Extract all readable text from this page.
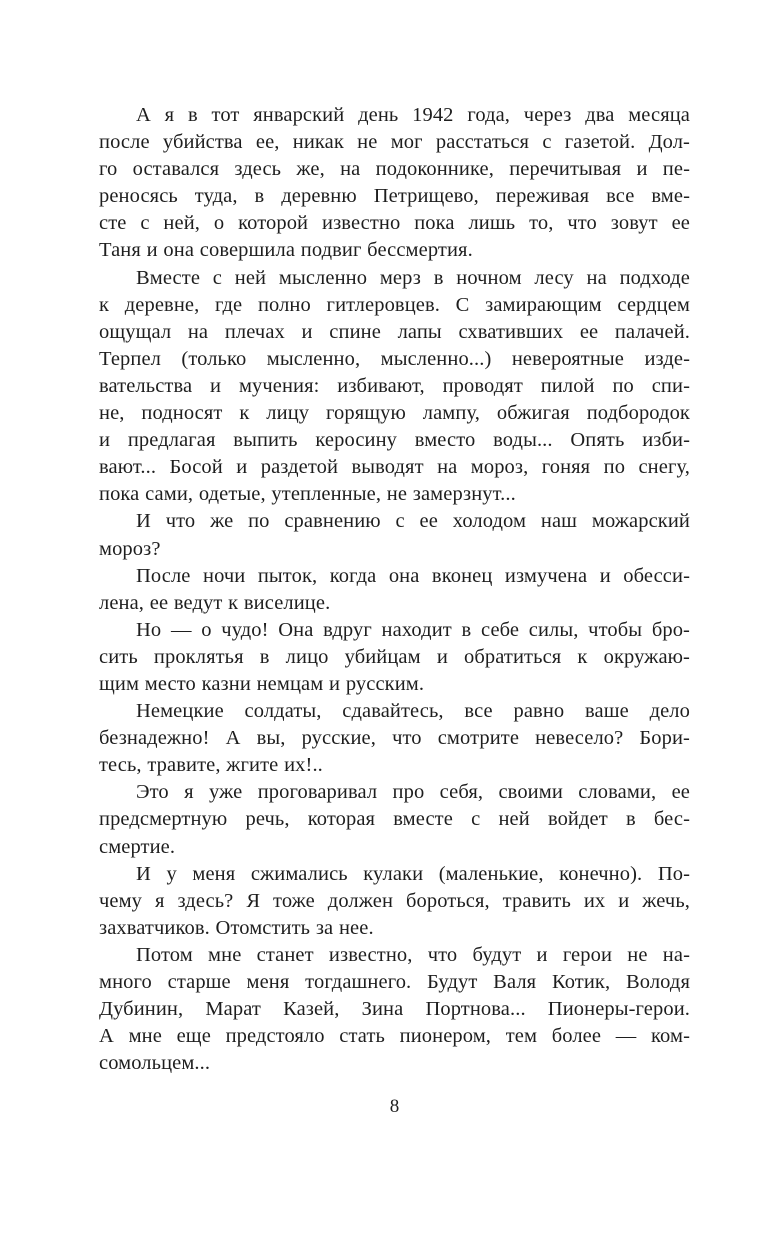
А я в тот январский день 1942 года, через два месяца
после убийства ее, никак не мог расстаться с газетой. Дол-
го оставался здесь же, на подоконнике, перечитывая и пе-
реносясь туда, в деревню Петрищево, переживая все вме-
сте с ней, о которой известно пока лишь то, что зовут ее
Таня и она совершила подвиг бессмертия.

Вместе с ней мысленно мерз в ночном лесу на подходе
к деревне, где полно гитлеровцев. С замирающим сердцем
ощущал на плечах и спине лапы схвативших ее палачей.
Терпел (только мысленно, мысленно...) невероятные изде-
вательства и мучения: избивают, проводят пилой по спи-
не, подносят к лицу горящую лампу, обжигая подбородок
и предлагая выпить керосину вместо воды... Опять изби-
вают... Босой и раздетой выводят на мороз, гоняя по снегу,
пока сами, одетые, утепленные, не замерзнут...

И что же по сравнению с ее холодом наш можарский
мороз?

После ночи пыток, когда она вконец измучена и обесси-
лена, ее ведут к виселице.

Но — о чудо! Она вдруг находит в себе силы, чтобы бро-
сить проклятья в лицо убийцам и обратиться к окружаю-
щим место казни немцам и русским.

Немецкие солдаты, сдавайтесь, все равно ваше дело
безнадежно! А вы, русские, что смотрите невесело? Бори-
тесь, травите, жгите их!..

Это я уже проговаривал про себя, своими словами, ее
предсмертную речь, которая вместе с ней войдет в бес-
смертие.

И у меня сжимались кулаки (маленькие, конечно). По-
чему я здесь? Я тоже должен бороться, травить их и жечь,
захватчиков. Отомстить за нее.

Потом мне станет известно, что будут и герои не на-
много старше меня тогдашнего. Будут Валя Котик, Володя
Дубинин, Марат Казей, Зина Портнова... Пионеры-герои.
А мне еще предстояло стать пионером, тем более — ком-
сомольцем...

8
